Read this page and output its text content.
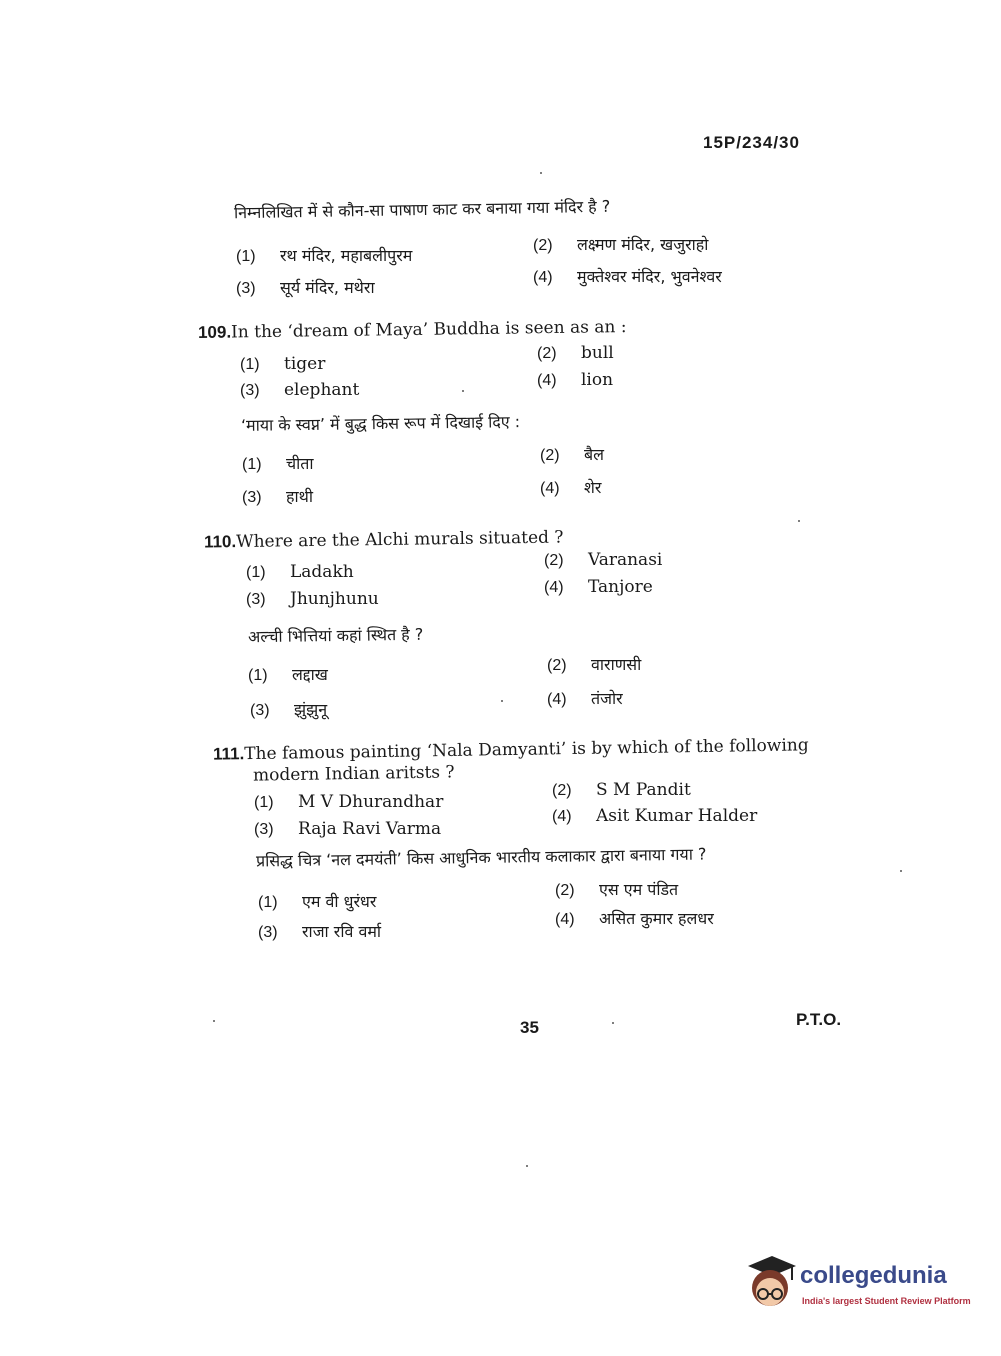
15P/234/30
निम्नलिखित में से कौन-सा पाषाण काट कर बनाया गया मंदिर है ?
(1) रथ मंदिर, महाबलीपुरम
(2) लक्ष्मण मंदिर, खजुराहो
(3) सूर्य मंदिर, मथेरा
(4) मुक्तेश्वर मंदिर, भुवनेश्वर
109.In the ‘dream of Maya’ Buddha is seen as an :
(1) tiger
(2) bull
(3) elephant	(4) lion
‘माया के स्वप्न’ में बुद्ध किस रूप में दिखाई दिए :
(1) चीता	(2) बैल
(3) हाथी	(4) शेर
110.Where are the Alchi murals situated ?
(1) Ladakh
(2) Varanasi
(3) Jhunjhunu
(4) Tanjore
अल्ची भित्तियां कहां स्थित है ?
(1) लद्दाख	(2) वाराणसी
(3) झुंझुनू
(4) तंजोर
111.The famous painting ‘Nala Damyanti’ is by which of the following
modern Indian aritsts ?
(1) M V Dhurandhar
(2) S M Pandit
(3) Raja Ravi Varma
(4) Asit Kumar Halder
प्रसिद्ध चित्र ‘नल दमयंती’ किस आधुनिक भारतीय कलाकार द्वारा बनाया गया ?
(1) एम वी धुरंधर
(2) एस एम पंडित
(3) राजा रवि वर्मा
(4) असित कुमार हलधर
35	P.T.O.
collegedunia
India's largest Student Review Platform
